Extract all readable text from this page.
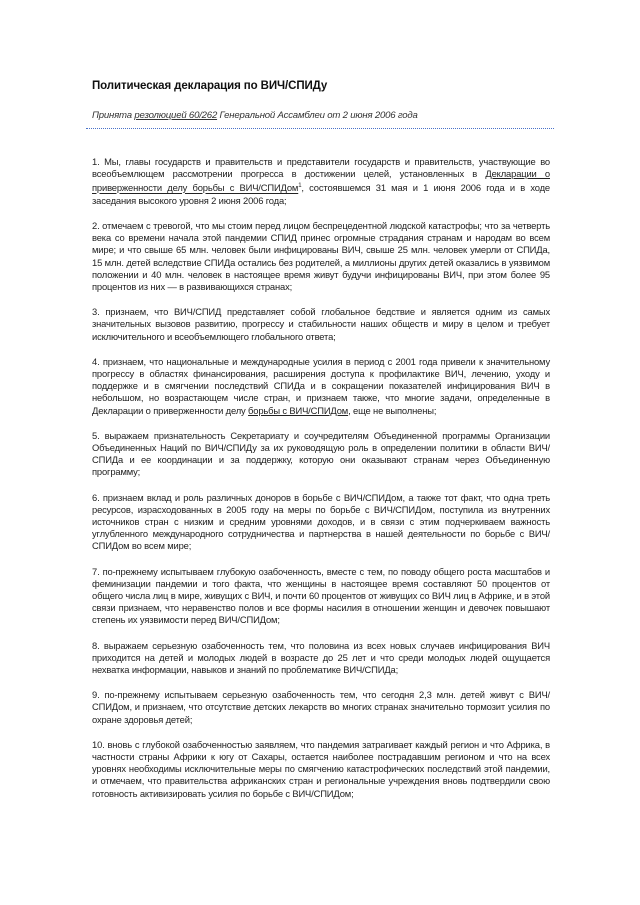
Политическая декларация по ВИЧ/СПИДу

Принята резолюцией 60/262 Генеральной Ассамблеи от 2 июня 2006 года

1. Мы, главы государств и правительств и представители государств и правительств, участвующие во всеобъемлющем рассмотрении прогресса в достижении целей, установленных в Декларации о приверженности делу борьбы с ВИЧ/СПИДом$^1$, состоявшемся 31 мая и 1 июня 2006 года и в ходе заседания высокого уровня 2 июня 2006 года;

2. отмечаем с тревогой, что мы стоим перед лицом беспрецедентной людской катастрофы; что за четверть века со времени начала этой пандемии СПИД принес огромные страдания странам и народам во всем мире; и что свыше 65 млн. человек были инфицированы ВИЧ, свыше 25 млн. человек умерли от СПИДа, 15 млн. детей вследствие СПИДа остались без родителей, а миллионы других детей оказались в уязвимом положении и 40 млн. человек в настоящее время живут будучи инфицированы ВИЧ, при этом более 95 процентов из них — в развивающихся странах;

3. признаем, что ВИЧ/СПИД представляет собой глобальное бедствие и является одним из самых значительных вызовов развитию, прогрессу и стабильности наших обществ и миру в целом и требует исключительного и всеобъемлющего глобального ответа;

4. признаем, что национальные и международные усилия в период с 2001 года привели к значительному прогрессу в областях финансирования, расширения доступа к профилактике ВИЧ, лечению, уходу и поддержке и в смягчении последствий СПИДа и в сокращении показателей инфицирования ВИЧ в небольшом, но возрастающем числе стран, и признаем также, что многие задачи, определенные в Декларации о приверженности делу борьбы с ВИЧ/СПИДом, еще не выполнены;

5. выражаем признательность Секретариату и соучредителям Объединенной программы Организации Объединенных Наций по ВИЧ/СПИДу за их руководящую роль в определении политики в области ВИЧ/СПИДа и ее координации и за поддержку, которую они оказывают странам через Объединенную программу;

6. признаем вклад и роль различных доноров в борьбе с ВИЧ/СПИДом, а также тот факт, что одна треть ресурсов, израсходованных в 2005 году на меры по борьбе с ВИЧ/СПИДом, поступила из внутренних источников стран с низким и средним уровнями доходов, и в связи с этим подчеркиваем важность углубленного международного сотрудничества и партнерства в нашей деятельности по борьбе с ВИЧ/СПИДом во всем мире;

7. по-прежнему испытываем глубокую озабоченность, вместе с тем, по поводу общего роста масштабов и феминизации пандемии и того факта, что женщины в настоящее время составляют 50 процентов от общего числа лиц в мире, живущих с ВИЧ, и почти 60 процентов от живущих со ВИЧ лиц в Африке, и в этой связи признаем, что неравенство полов и все формы насилия в отношении женщин и девочек повышают степень их уязвимости перед ВИЧ/СПИДом;

8. выражаем серьезную озабоченность тем, что половина из всех новых случаев инфицирования ВИЧ приходится на детей и молодых людей в возрасте до 25 лет и что среди молодых людей ощущается нехватка информации, навыков и знаний по проблематике ВИЧ/СПИДа;

9. по-прежнему испытываем серьезную озабоченность тем, что сегодня 2,3 млн. детей живут с ВИЧ/СПИДом, и признаем, что отсутствие детских лекарств во многих странах значительно тормозит усилия по охране здоровья детей;

10. вновь с глубокой озабоченностью заявляем, что пандемия затрагивает каждый регион и что Африка, в частности страны Африки к югу от Сахары, остается наиболее пострадавшим регионом и что на всех уровнях необходимы исключительные меры по смягчению катастрофических последствий этой пандемии, и отмечаем, что правительства африканских стран и региональные учреждения вновь подтвердили свою готовность активизировать усилия по борьбе с ВИЧ/СПИДом;
